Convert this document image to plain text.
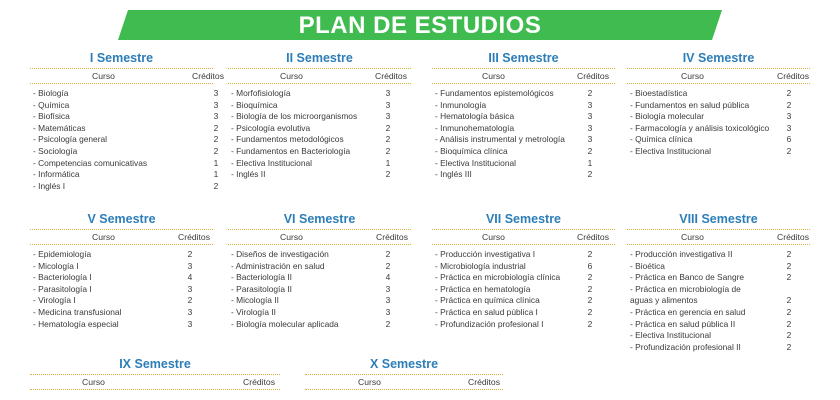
PLAN DE ESTUDIOS
I Semestre
Curso	Créditos
- Biología	3
- Química	3
- Biofísica	3
- Matemáticas	2
- Psicología general	2
- Sociología	2
- Competencias comunicativas	1
- Informática	1
- Inglés I	2
II Semestre
Curso	Créditos
- Morfofisiología	3
- Bioquímica	3
- Biología de los microorganismos	3
- Psicología evolutiva	2
- Fundamentos metodológicos	2
- Fundamentos en Bacteriología	2
- Electiva Institucional	1
- Inglés II	2
III Semestre
Curso	Créditos
- Fundamentos epistemológicos	2
- Inmunología	3
- Hematología básica	3
- Inmunohematología	3
- Análisis instrumental y metrología	3
- Bioquímica clínica	2
- Electiva Institucional	1
- Inglés III	2
IV Semestre
Curso	Créditos
- Bioestadística	2
- Fundamentos en salud pública	2
- Biología molecular	3
- Farmacología y análisis toxicológico	3
- Química clínica	6
- Electiva Institucional	2
V Semestre
Curso	Créditos
- Epidemiología	2
- Micología I	3
- Bacteriología I	4
- Parasitología I	3
- Virología I	2
- Medicina transfusional	3
- Hematología especial	3
VI Semestre
Curso	Créditos
- Diseños de investigación	2
- Administración en salud	2
- Bacteriología II	4
- Parasitología II	3
- Micología II	3
- Virología II	3
- Biología molecular aplicada	2
VII Semestre
Curso	Créditos
- Producción investigativa I	2
- Microbiología industrial	6
- Práctica en microbiología clínica	2
- Práctica en hematología	2
- Práctica en química clínica	2
- Práctica en salud pública I	2
- Profundización profesional I	2
VIII Semestre
Curso	Créditos
- Producción investigativa II	2
- Bioética	2
- Práctica en Banco de Sangre	2
- Práctica en microbiología de aguas y alimentos	2
- Práctica en gerencia en salud	2
- Práctica en salud pública II	2
- Electiva Institucional	2
- Profundización profesional II	2
IX Semestre
Curso	Créditos
X Semestre
Curso	Créditos
